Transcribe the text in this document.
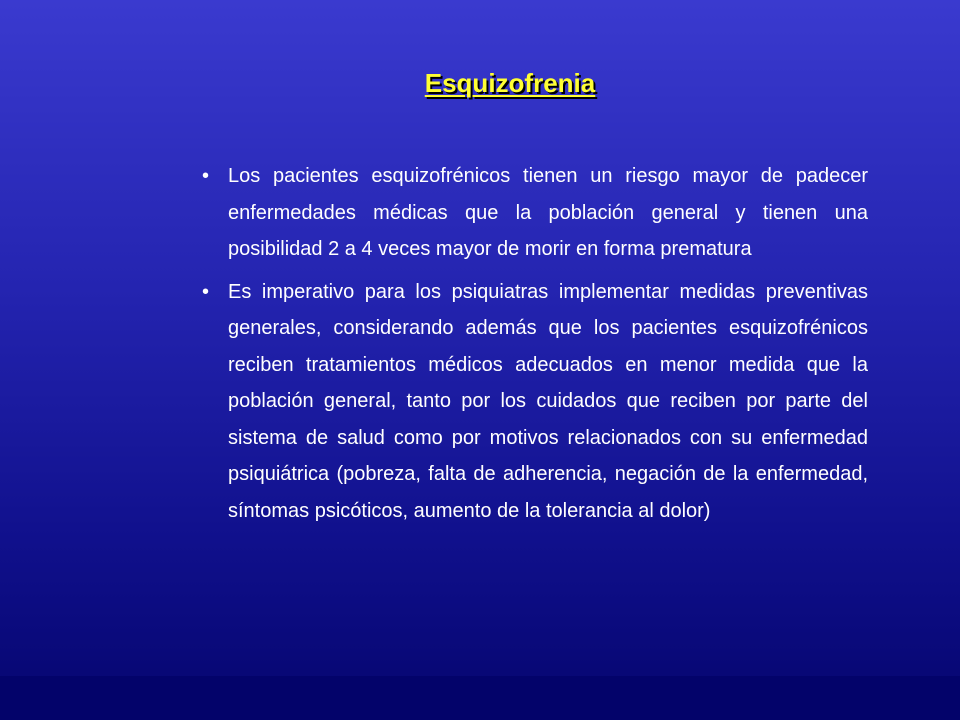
Esquizofrenia
• Los pacientes esquizofrénicos tienen un riesgo mayor de padecer enfermedades médicas que la población general y tienen una posibilidad 2 a 4 veces mayor de morir en forma prematura
• Es imperativo para los psiquiatras implementar medidas preventivas generales, considerando además que los pacientes esquizofrénicos reciben tratamientos médicos adecuados en menor medida que la población general, tanto por los cuidados que reciben por parte del sistema de salud como por motivos relacionados con su enfermedad psiquiátrica (pobreza, falta de adherencia, negación de la enfermedad, síntomas psicóticos, aumento de la tolerancia al dolor)
